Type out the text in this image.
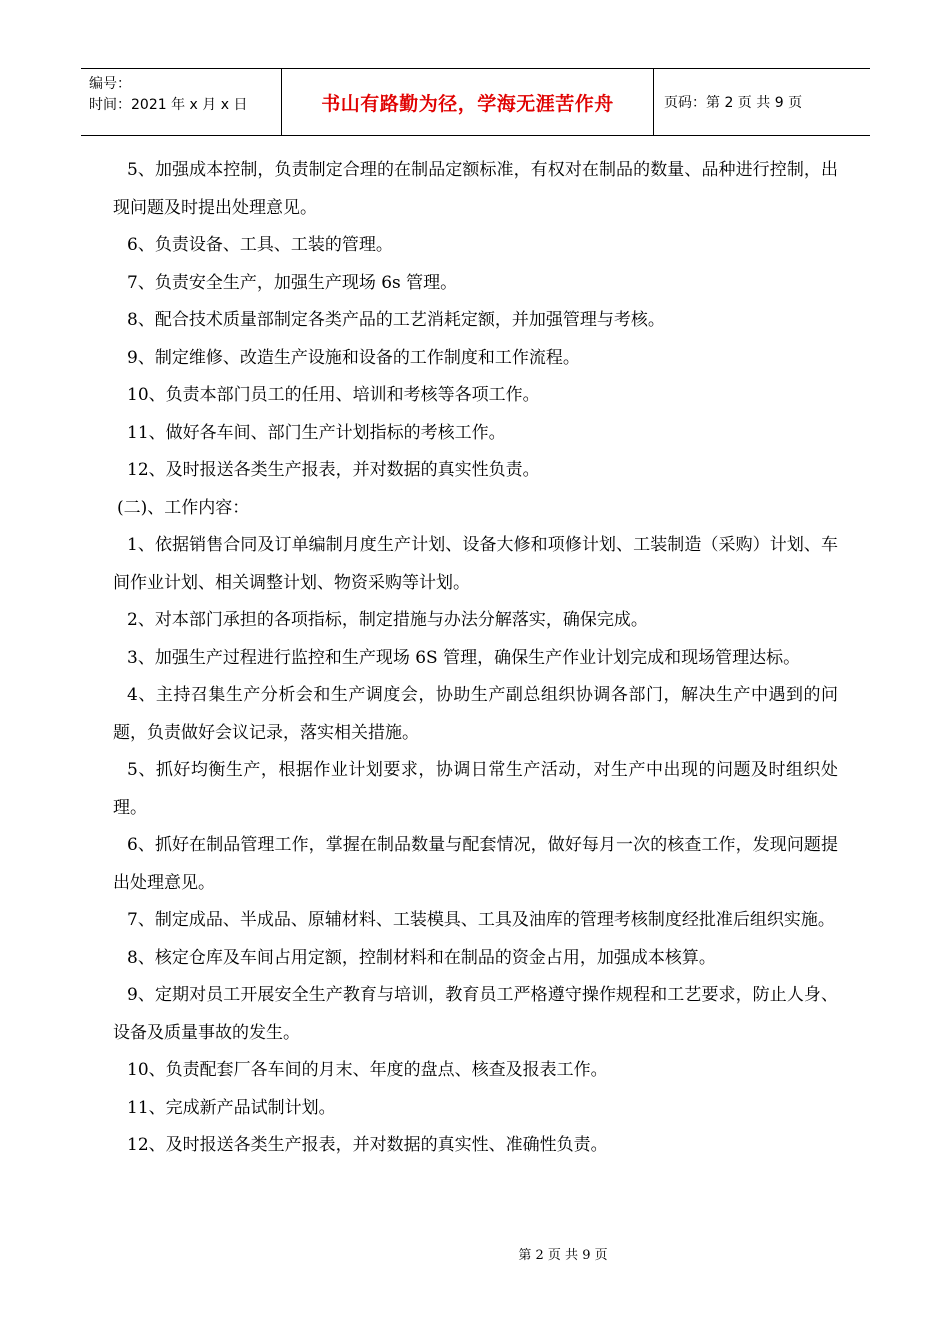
编号：
时间：2021 年 x 月 x 日	书山有路勤为径，学海无涯苦作舟	页码：第 2 页 共 9 页

5、加强成本控制，负责制定合理的在制品定额标准，有权对在制品的数量、品种进行控制，出现问题及时提出处理意见。

6、负责设备、工具、工装的管理。

7、负责安全生产，加强生产现场 6s 管理。

8、配合技术质量部制定各类产品的工艺消耗定额，并加强管理与考核。

9、制定维修、改造生产设施和设备的工作制度和工作流程。

10、负责本部门员工的任用、培训和考核等各项工作。

11、做好各车间、部门生产计划指标的考核工作。

12、及时报送各类生产报表，并对数据的真实性负责。

(二)、工作内容：

1、依据销售合同及订单编制月度生产计划、设备大修和项修计划、工装制造（采购）计划、车间作业计划、相关调整计划、物资采购等计划。

2、对本部门承担的各项指标，制定措施与办法分解落实，确保完成。

3、加强生产过程进行监控和生产现场 6S 管理，确保生产作业计划完成和现场管理达标。

4、主持召集生产分析会和生产调度会，协助生产副总组织协调各部门，解决生产中遇到的问题，负责做好会议记录，落实相关措施。

5、抓好均衡生产，根据作业计划要求，协调日常生产活动，对生产中出现的问题及时组织处理。

6、抓好在制品管理工作，掌握在制品数量与配套情况，做好每月一次的核查工作，发现问题提出处理意见。

7、制定成品、半成品、原辅材料、工装模具、工具及油库的管理考核制度经批准后组织实施。

8、核定仓库及车间占用定额，控制材料和在制品的资金占用，加强成本核算。

9、定期对员工开展安全生产教育与培训，教育员工严格遵守操作规程和工艺要求，防止人身、设备及质量事故的发生。

10、负责配套厂各车间的月末、年度的盘点、核查及报表工作。

11、完成新产品试制计划。

12、及时报送各类生产报表，并对数据的真实性、准确性负责。

第 2 页 共 9 页
